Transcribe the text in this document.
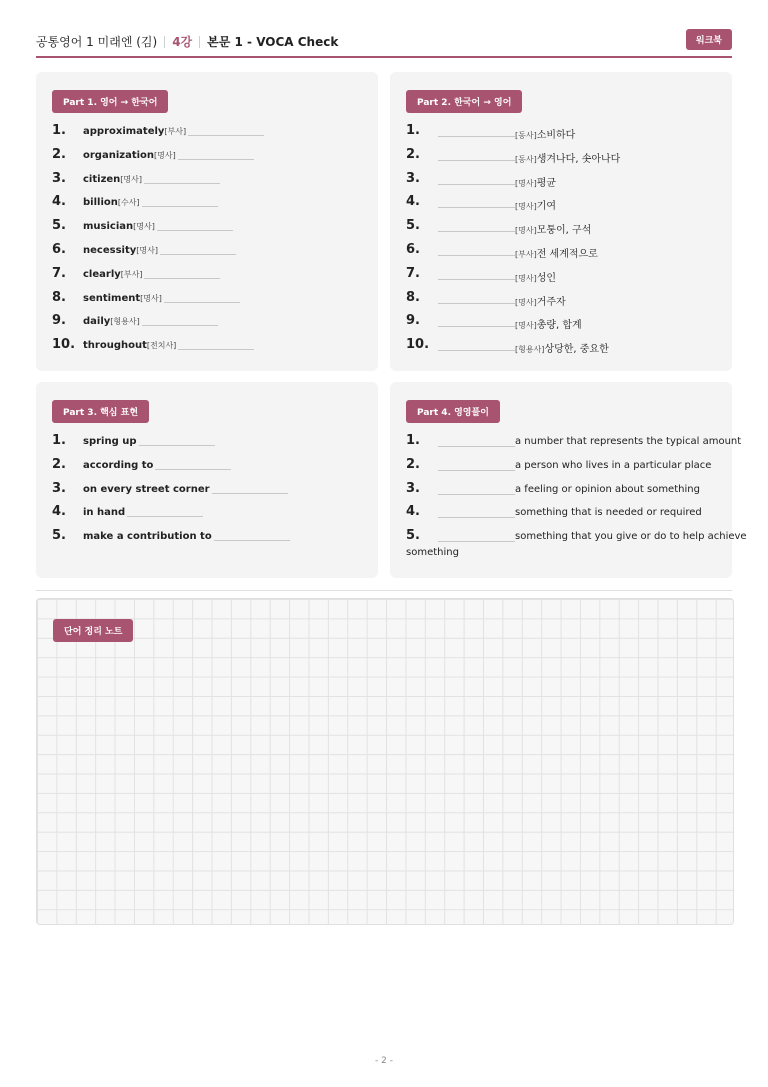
공통영어 1 미래엔 (김) 4강 본문 1 - VOCA Check	워크북
Part 1. 영어 → 한국어
1. approximately[부사]
2. organization[명사]
3. citizen[명사]
4. billion[수사]
5. musician[명사]
6. necessity[명사]
7. clearly[부사]
8. sentiment[명사]
9. daily[형용사]
10. throughout[전치사]
Part 2. 한국어 → 영어
1.	[동사]소비하다
2.	[동사]생겨나다, 솟아나다
3.	[명사]평균
4.	[명사]기여
5.	[명사]모퉁이, 구석
6.	[부사]전 세계적으로
7.	[명사]성인
8.	[명사]거주자
9.	[명사]총량, 합계
10.	[형용사]상당한, 중요한
Part 3. 핵심 표현
1. spring up
2. according to
3. on every street corner
4. in hand
5. make a contribution to
Part 4. 영영풀이
1.	a number that represents the typical amount
2.	a person who lives in a particular place
3.	a feeling or opinion about something
4.	something that is needed or required
5.	something that you give or do to help achieve
something
단어 정리 노트
- 2 -
